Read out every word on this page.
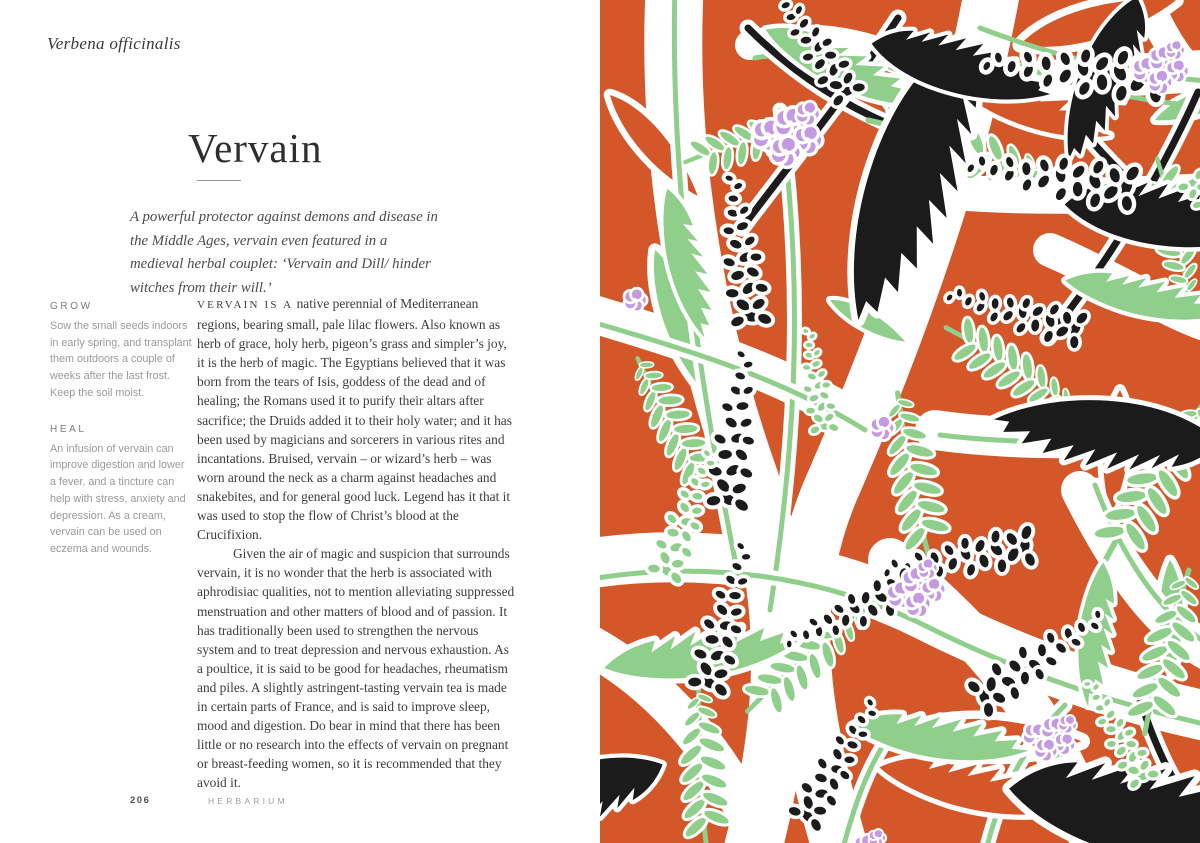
Verbena officinalis
Vervain
A powerful protector against demons and disease in the Middle Ages, vervain even featured in a medieval herbal couplet: ‘Vervain and Dill/ hinder witches from their will.’
GROW
Sow the small seeds indoors in early spring, and transplant them outdoors a couple of weeks after the last frost. Keep the soil moist.
HEAL
An infusion of vervain can improve digestion and lower a fever, and a tincture can help with stress, anxiety and depression. As a cream, vervain can be used on eczema and wounds.

VERVAIN IS A native perennial of Mediterranean regions, bearing small, pale lilac flowers. Also known as herb of grace, holy herb, pigeon’s grass and simpler’s joy, it is the herb of magic. The Egyptians believed that it was born from the tears of Isis, goddess of the dead and of healing; the Romans used it to purify their altars after sacrifice; the Druids added it to their holy water; and it has been used by magicians and sorcerers in various rites and incantations. Bruised, vervain – or wizard’s herb – was worn around the neck as a charm against headaches and snakebites, and for general good luck. Legend has it that it was used to stop the flow of Christ’s blood at the Crucifixion.

Given the air of magic and suspicion that surrounds vervain, it is no wonder that the herb is associated with aphrodisiac qualities, not to mention alleviating suppressed menstruation and other matters of blood and of passion. It has traditionally been used to strengthen the nervous system and to treat depression and nervous exhaustion. As a poultice, it is said to be good for headaches, rheumatism and piles. A slightly astringent-tasting vervain tea is made in certain parts of France, and is said to improve sleep, mood and digestion. Do bear in mind that there has been little or no research into the effects of vervain on pregnant or breast-feeding women, so it is recommended that they avoid it.

206	HERBARIUM
